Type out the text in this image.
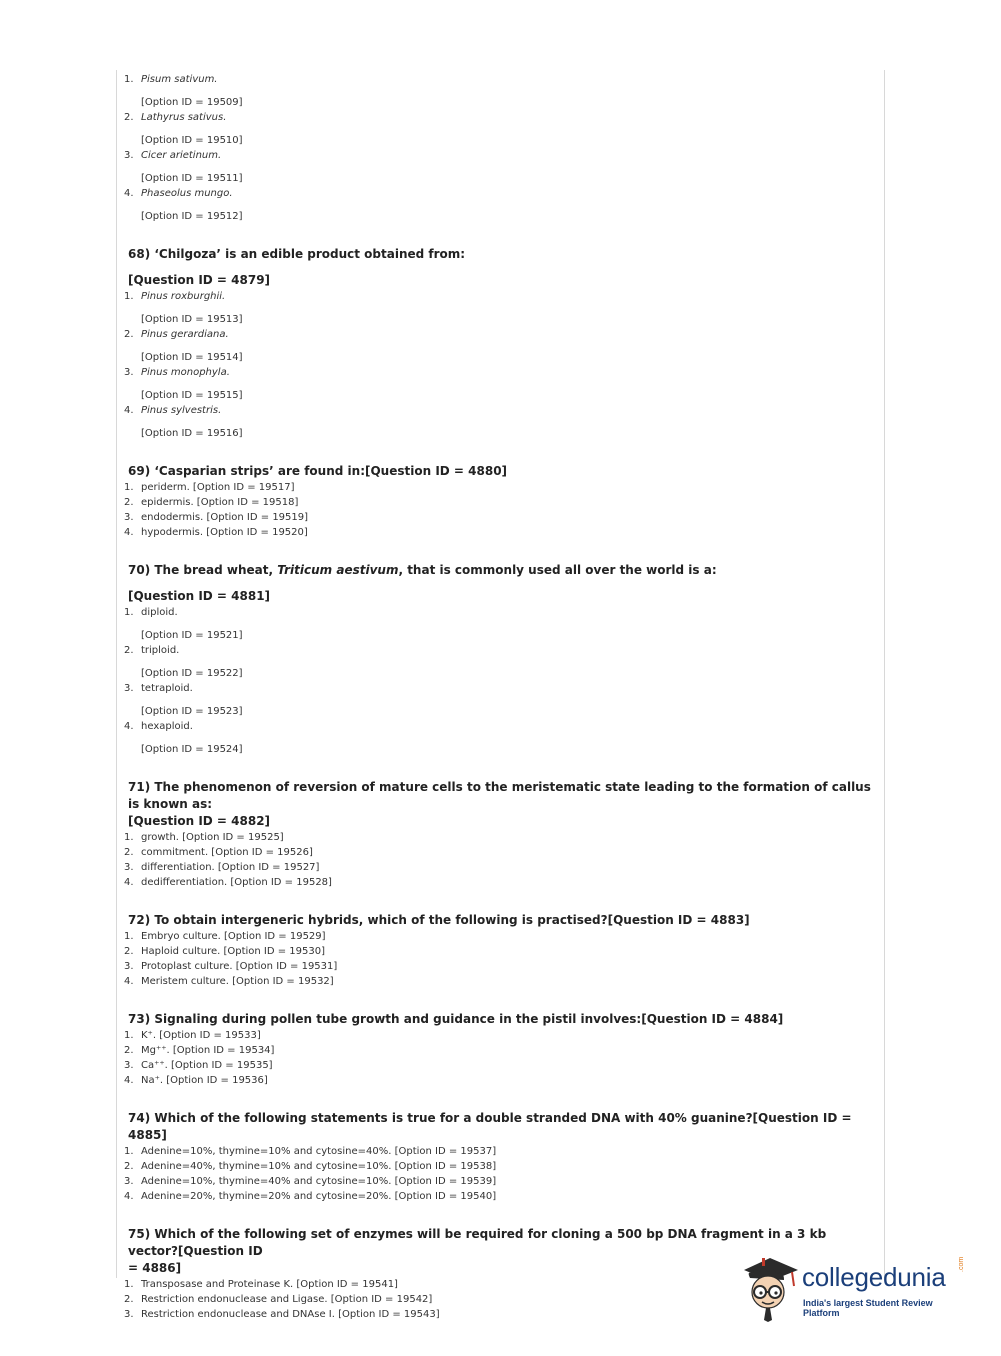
1. Pisum sativum.
[Option ID = 19509]
2. Lathyrus sativus.
[Option ID = 19510]
3. Cicer arietinum.
[Option ID = 19511]
4. Phaseolus mungo.
[Option ID = 19512]
68) ‘Chilgoza’ is an edible product obtained from:
[Question ID = 4879]
1. Pinus roxburghii.
[Option ID = 19513]
2. Pinus gerardiana.
[Option ID = 19514]
3. Pinus monophyla.
[Option ID = 19515]
4. Pinus sylvestris.
[Option ID = 19516]
69) ‘Casparian strips’ are found in:[Question ID = 4880]
1. periderm. [Option ID = 19517]
2. epidermis. [Option ID = 19518]
3. endodermis. [Option ID = 19519]
4. hypodermis. [Option ID = 19520]
70) The bread wheat, Triticum aestivum, that is commonly used all over the world is a:
[Question ID = 4881]
1. diploid.
[Option ID = 19521]
2. triploid.
[Option ID = 19522]
3. tetraploid.
[Option ID = 19523]
4. hexaploid.
[Option ID = 19524]
71) The phenomenon of reversion of mature cells to the meristematic state leading to the formation of callus is known as:
[Question ID = 4882]
1. growth. [Option ID = 19525]
2. commitment. [Option ID = 19526]
3. differentiation. [Option ID = 19527]
4. dedifferentiation. [Option ID = 19528]
72) To obtain intergeneric hybrids, which of the following is practised?[Question ID = 4883]
1. Embryo culture. [Option ID = 19529]
2. Haploid culture. [Option ID = 19530]
3. Protoplast culture. [Option ID = 19531]
4. Meristem culture. [Option ID = 19532]
73) Signaling during pollen tube growth and guidance in the pistil involves:[Question ID = 4884]
1. K⁺. [Option ID = 19533]
2. Mg⁺⁺. [Option ID = 19534]
3. Ca⁺⁺. [Option ID = 19535]
4. Na⁺. [Option ID = 19536]
74) Which of the following statements is true for a double stranded DNA with 40% guanine?[Question ID = 4885]
1. Adenine=10%, thymine=10% and cytosine=40%. [Option ID = 19537]
2. Adenine=40%, thymine=10% and cytosine=10%. [Option ID = 19538]
3. Adenine=10%, thymine=40% and cytosine=10%. [Option ID = 19539]
4. Adenine=20%, thymine=20% and cytosine=20%. [Option ID = 19540]
75) Which of the following set of enzymes will be required for cloning a 500 bp DNA fragment in a 3 kb vector?[Question ID
= 4886]
1. Transposase and Proteinase K. [Option ID = 19541]
2. Restriction endonuclease and Ligase. [Option ID = 19542]
3. Restriction endonuclease and DNAse I. [Option ID = 19543]
collegedunia .com
India's largest Student Review Platform
